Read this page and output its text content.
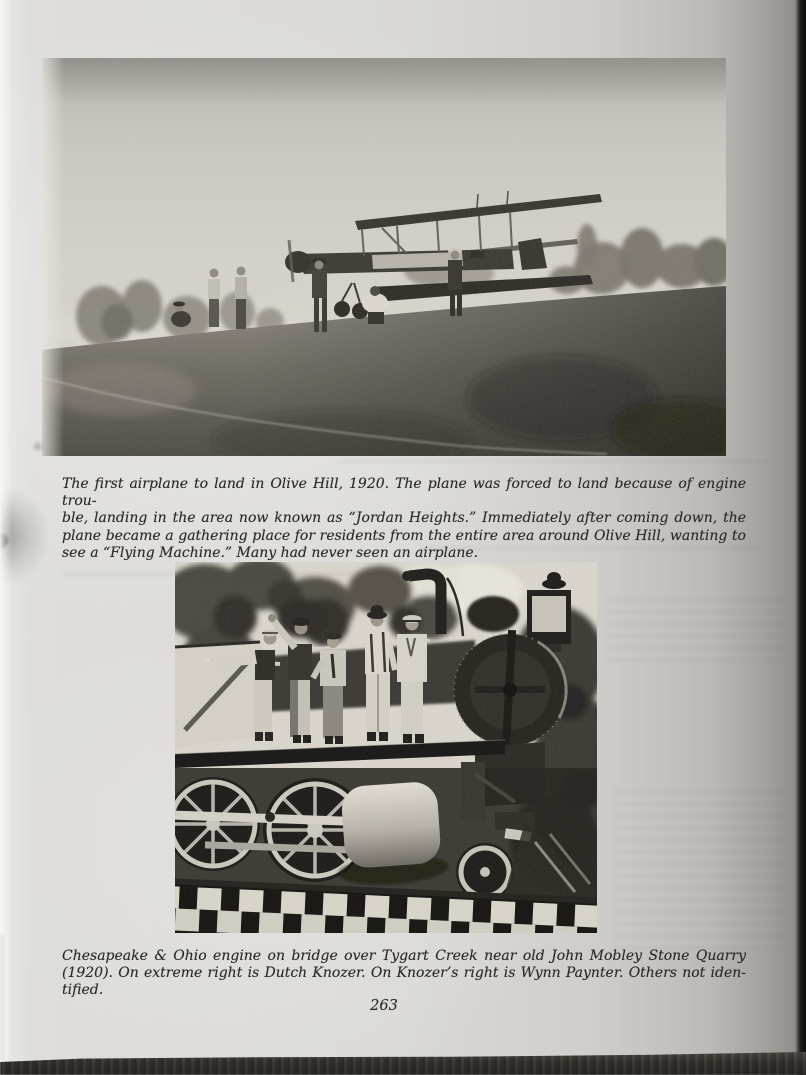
The first airplane to land in Olive Hill, 1920. The plane was forced to land because of engine trou-
ble, landing in the area now known as “Jordan Heights.” Immediately after coming down, the
plane became a gathering place for residents from the entire area around Olive Hill, wanting to
see a “Flying Machine.” Many had never seen an airplane.
Chesapeake & Ohio engine on bridge over Tygart Creek near old John Mobley Stone Quarry
(1920). On extreme right is Dutch Knozer. On Knozer’s right is Wynn Paynter. Others not iden-
tified.
263
